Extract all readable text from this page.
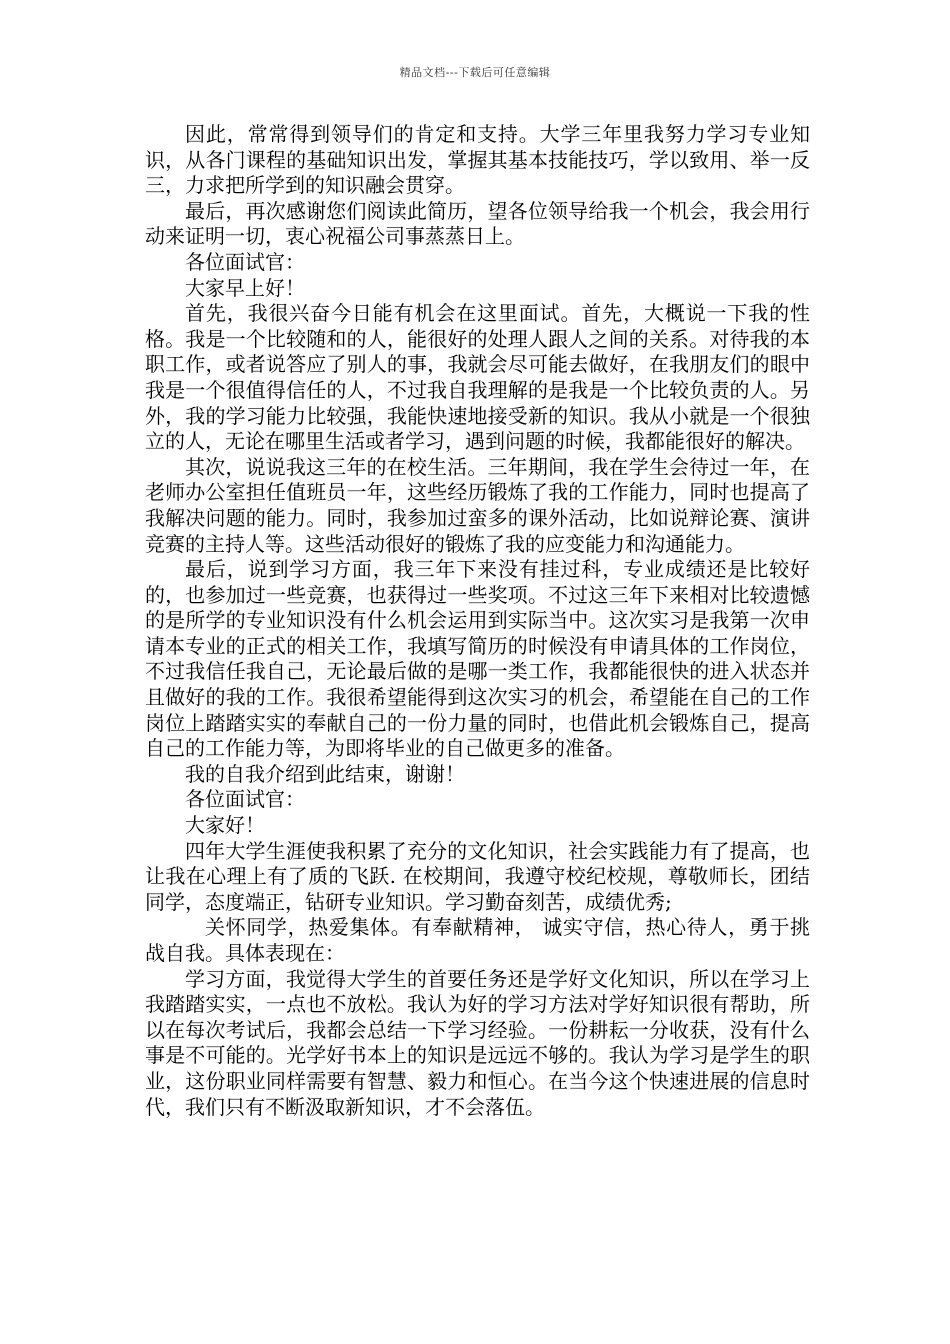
精品文档---下载后可任意编辑

因此，常常得到领导们的肯定和支持。大学三年里我努力学习专业知识，从各门课程的基础知识出发，掌握其基本技能技巧，学以致用、举一反三，力求把所学到的知识融会贯穿。

最后，再次感谢您们阅读此简历，望各位领导给我一个机会，我会用行动来证明一切，衷心祝福公司事蒸蒸日上。

各位面试官：

大家早上好！

首先，我很兴奋今日能有机会在这里面试。首先，大概说一下我的性格。我是一个比较随和的人，能很好的处理人跟人之间的关系。对待我的本职工作，或者说答应了别人的事，我就会尽可能去做好，在我朋友们的眼中我是一个很值得信任的人，不过我自我理解的是我是一个比较负责的人。另外，我的学习能力比较强，我能快速地接受新的知识。我从小就是一个很独立的人，无论在哪里生活或者学习，遇到问题的时候，我都能很好的解决。

其次，说说我这三年的在校生活。三年期间，我在学生会待过一年，在老师办公室担任值班员一年，这些经历锻炼了我的工作能力，同时也提高了我解决问题的能力。同时，我参加过蛮多的课外活动，比如说辩论赛、演讲竞赛的主持人等。这些活动很好的锻炼了我的应变能力和沟通能力。

最后，说到学习方面，我三年下来没有挂过科，专业成绩还是比较好的，也参加过一些竞赛，也获得过一些奖项。不过这三年下来相对比较遗憾的是所学的专业知识没有什么机会运用到实际当中。这次实习是我第一次申请本专业的正式的相关工作，我填写简历的时候没有申请具体的工作岗位，不过我信任我自己，无论最后做的是哪一类工作，我都能很快的进入状态并且做好的我的工作。我很希望能得到这次实习的机会，希望能在自己的工作岗位上踏踏实实的奉献自己的一份力量的同时，也借此机会锻炼自己，提高自己的工作能力等，为即将毕业的自己做更多的准备。

我的自我介绍到此结束，谢谢！

各位面试官：

大家好！

四年大学生涯使我积累了充分的文化知识，社会实践能力有了提高，也让我在心理上有了质的飞跃. 在校期间，我遵守校纪校规，尊敬师长，团结同学，态度端正，钻研专业知识。学习勤奋刻苦，成绩优秀;

关怀同学，热爱集体。有奉献精神， 诚实守信，热心待人，勇于挑战自我。具体表现在：

学习方面，我觉得大学生的首要任务还是学好文化知识，所以在学习上我踏踏实实，一点也不放松。我认为好的学习方法对学好知识很有帮助，所以在每次考试后，我都会总结一下学习经验。一份耕耘一分收获，没有什么事是不可能的。光学好书本上的知识是远远不够的。我认为学习是学生的职业，这份职业同样需要有智慧、毅力和恒心。在当今这个快速进展的信息时代，我们只有不断汲取新知识，才不会落伍。
